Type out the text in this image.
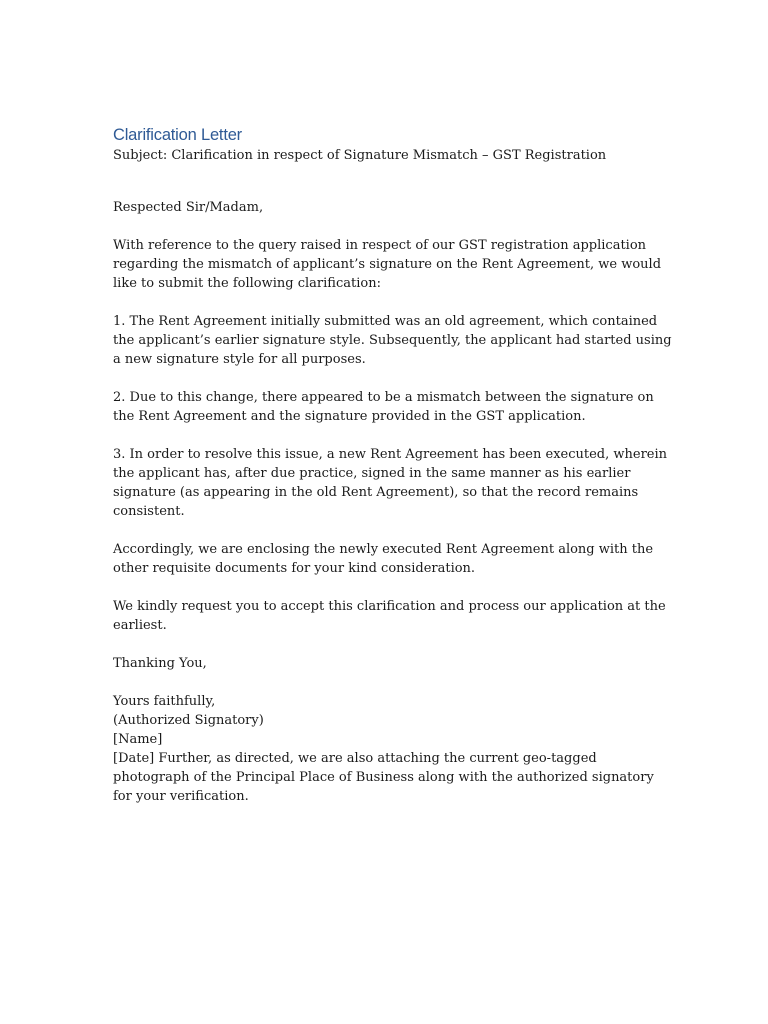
Clarification Letter

Subject: Clarification in respect of Signature Mismatch – GST Registration

Respected Sir/Madam,

With reference to the query raised in respect of our GST registration application regarding the mismatch of applicant’s signature on the Rent Agreement, we would like to submit the following clarification:

1. The Rent Agreement initially submitted was an old agreement, which contained the applicant’s earlier signature style. Subsequently, the applicant had started using a new signature style for all purposes.

2. Due to this change, there appeared to be a mismatch between the signature on the Rent Agreement and the signature provided in the GST application.

3. In order to resolve this issue, a new Rent Agreement has been executed, wherein the applicant has, after due practice, signed in the same manner as his earlier signature (as appearing in the old Rent Agreement), so that the record remains consistent.

Accordingly, we are enclosing the newly executed Rent Agreement along with the other requisite documents for your kind consideration.

We kindly request you to accept this clarification and process our application at the earliest.

Thanking You,

Yours faithfully,

(Authorized Signatory)

[Name]

[Date] Further, as directed, we are also attaching the current geo-tagged photograph of the Principal Place of Business along with the authorized signatory for your verification.
